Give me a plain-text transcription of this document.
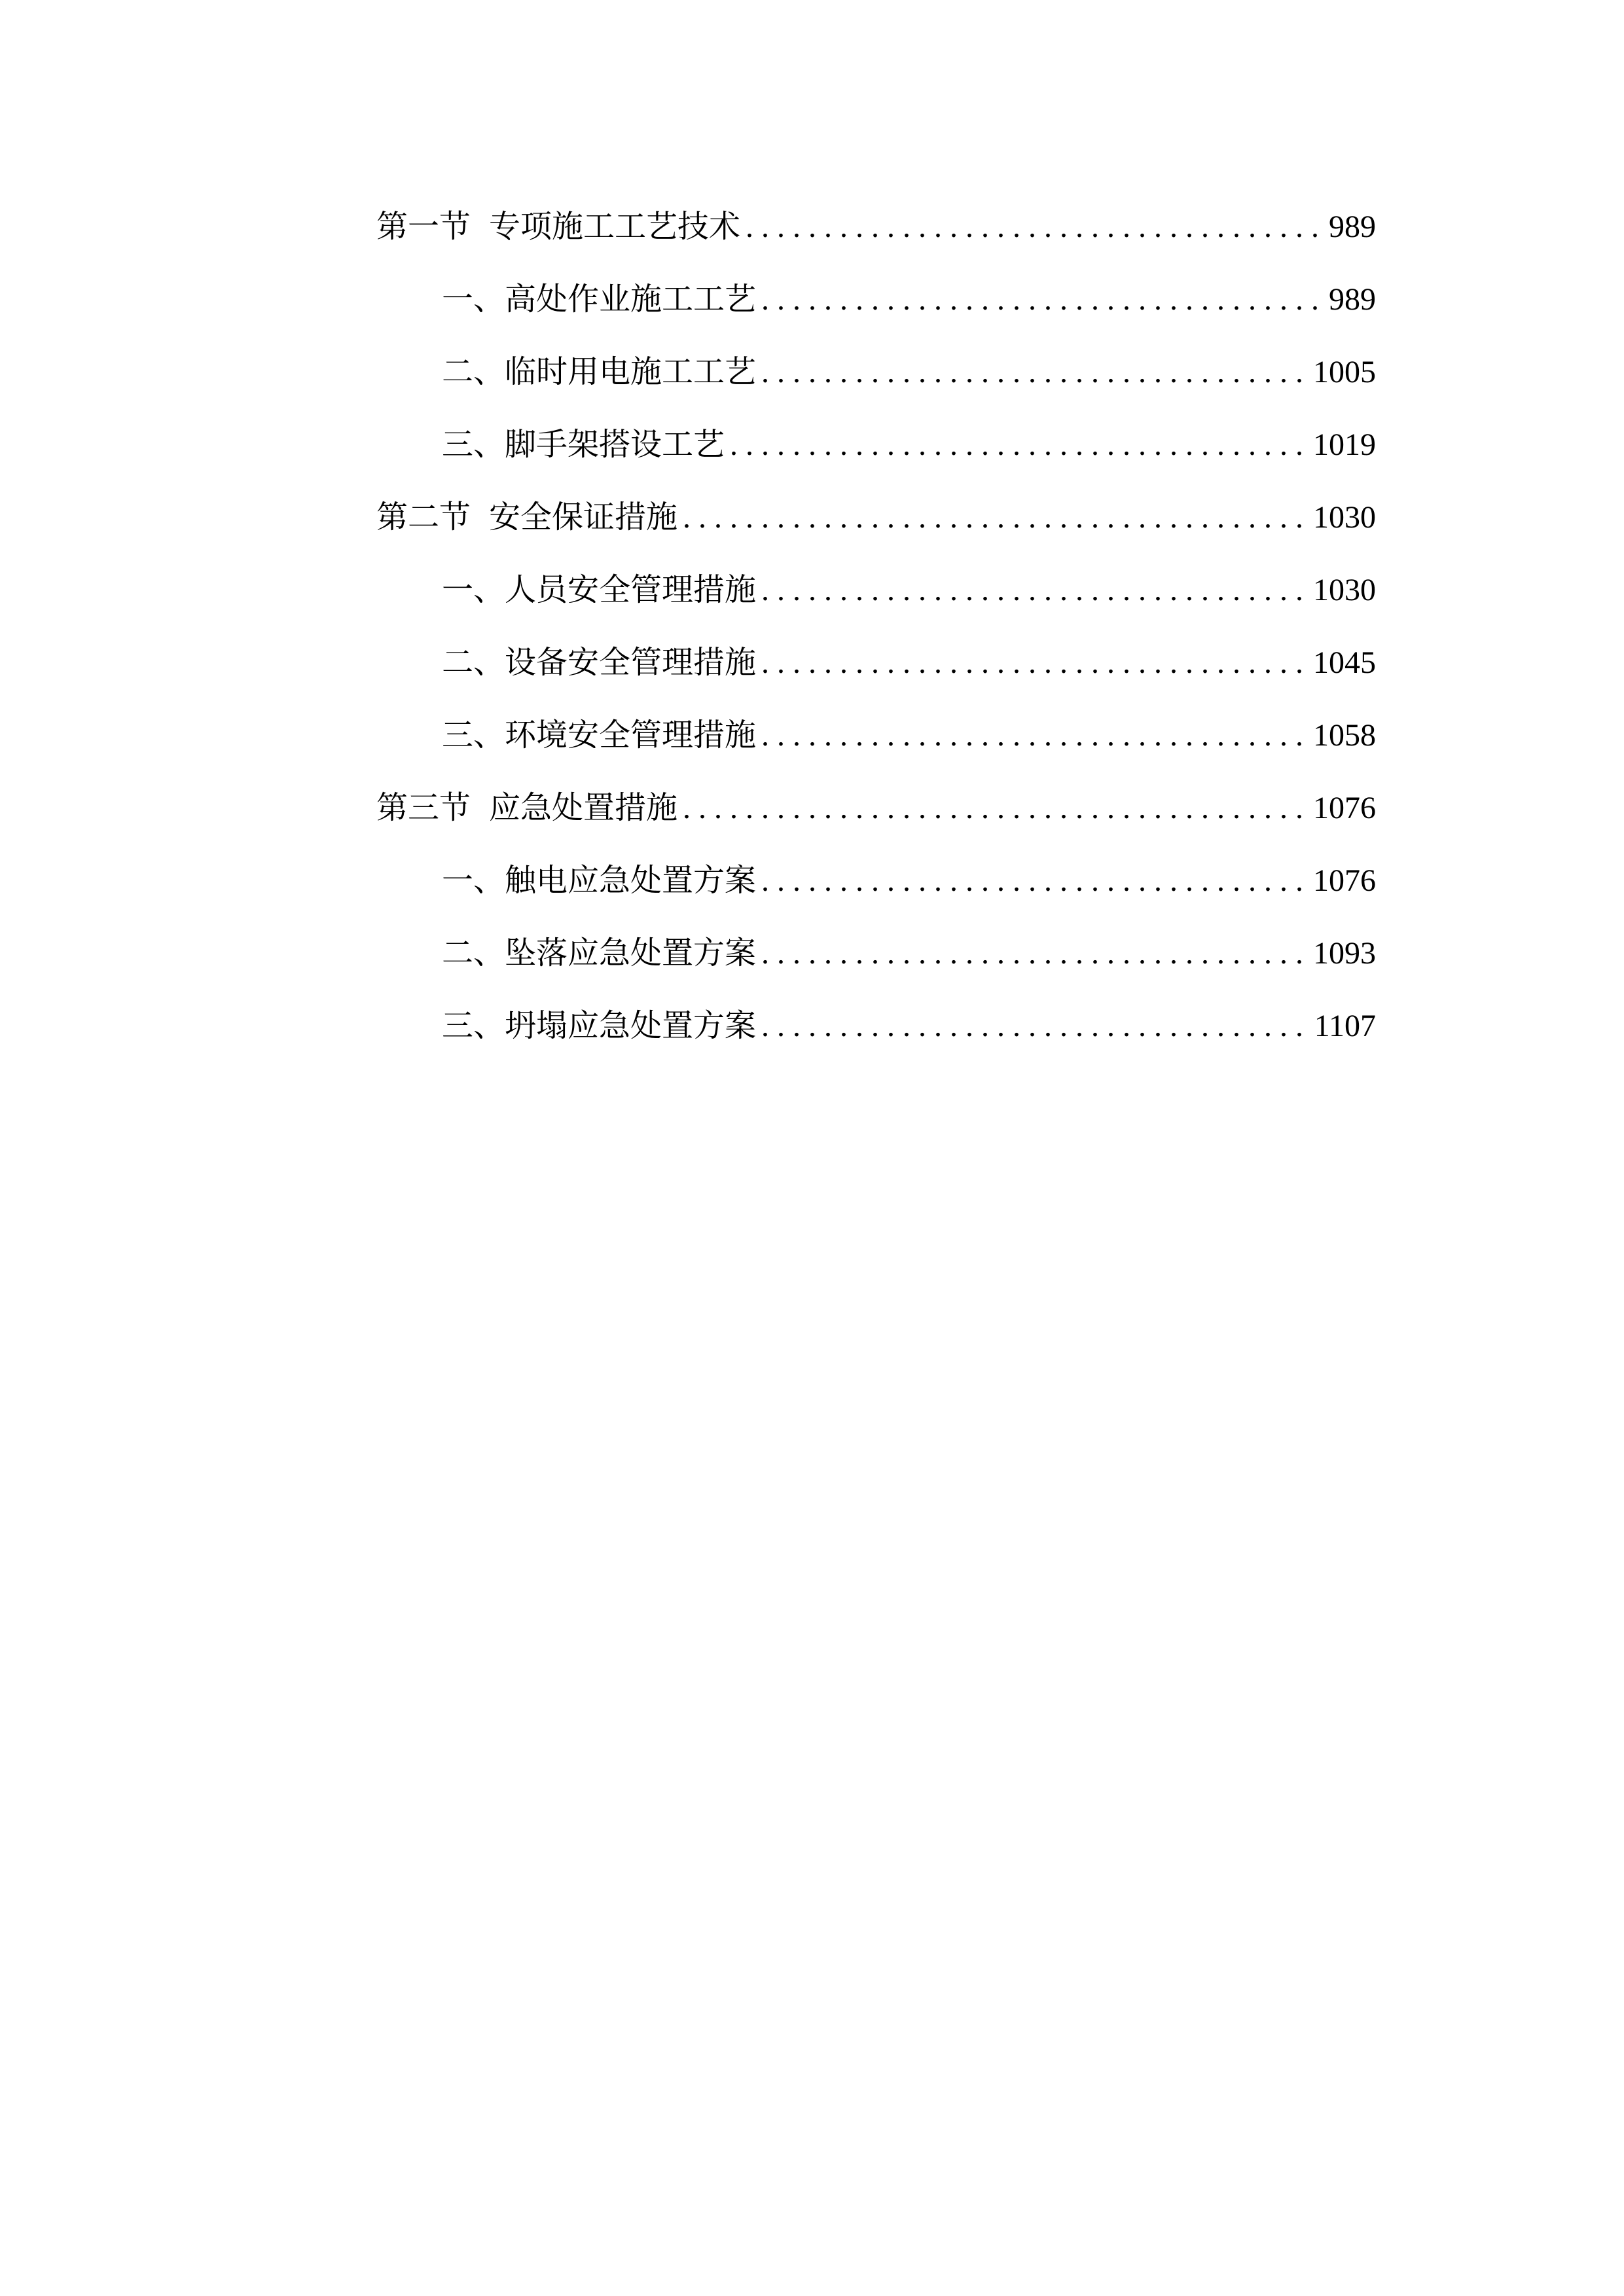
第一节 专项施工工艺技术 . . .	989
一、 高处作业施工工艺 . . .	989
二、 临时用电施工工艺 . . .	1005
三、 脚手架搭设工艺 . . .	1019
第二节 安全保证措施 . . .	1030
一、 人员安全管理措施 . . .	1030
二、 设备安全管理措施 . . .	1045
三、 环境安全管理措施 . . .	1058
第三节 应急处置措施 . . .	1076
一、 触电应急处置方案 . . .	1076
二、 坠落应急处置方案 . . .	1093
三、 坍塌应急处置方案 . . .	1107
